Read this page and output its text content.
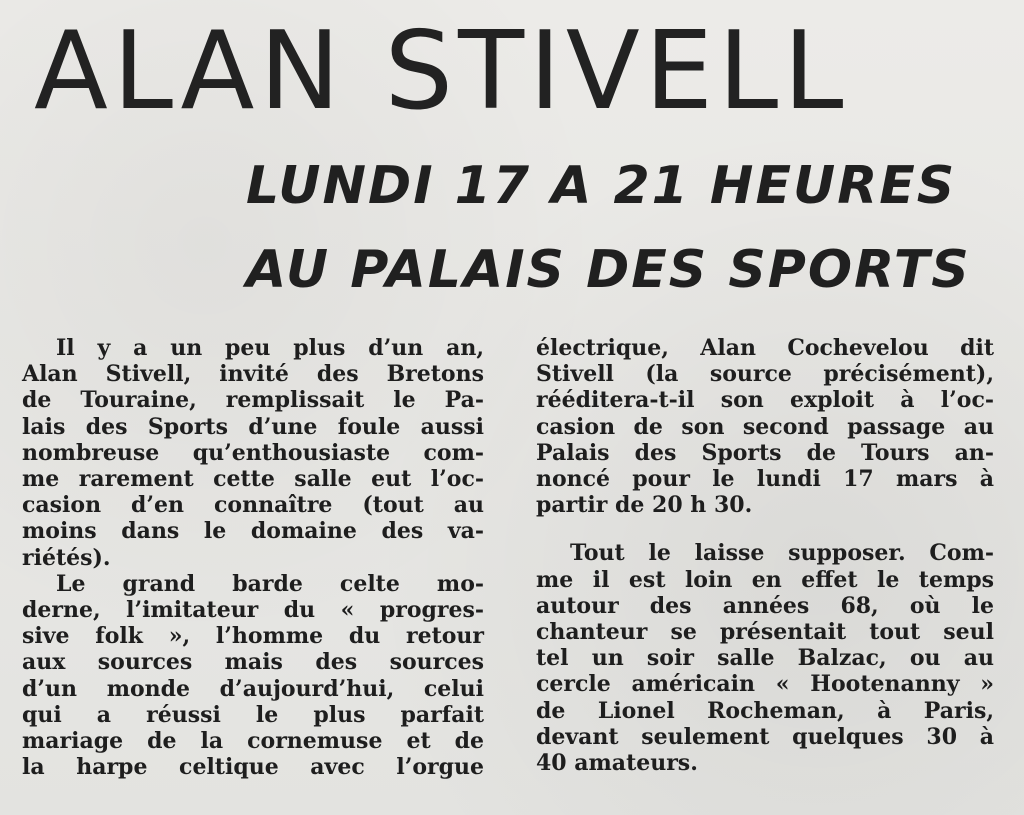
ALAN STIVELL
LUNDI 17 A 21 HEURES
AU PALAIS DES SPORTS

Il y a un peu plus d’un an,

Alan Stivell, invité des Bretons

de Touraine, remplissait le Pa-

lais des Sports d’une foule aussi

nombreuse qu’enthousiaste com-

me rarement cette salle eut l’oc-

casion d’en connaître (tout au

moins dans le domaine des va-

riétés).

Le grand barde celte mo-

derne, l’imitateur du « progres-

sive folk », l’homme du retour

aux sources mais des sources

d’un monde d’aujourd’hui, celui

qui a réussi le plus parfait

mariage de la cornemuse et de

la harpe celtique avec l’orgue

électrique, Alan Cochevelou dit

Stivell (la source précisément),

rééditera-t-il son exploit à l’oc-

casion de son second passage au

Palais des Sports de Tours an-

noncé pour le lundi 17 mars à

partir de 20 h 30.

Tout le laisse supposer. Com-

me il est loin en effet le temps

autour des années 68, où le

chanteur se présentait tout seul

tel un soir salle Balzac, ou au

cercle américain « Hootenanny »

de Lionel Rocheman, à Paris,

devant seulement quelques 30 à

40 amateurs.
